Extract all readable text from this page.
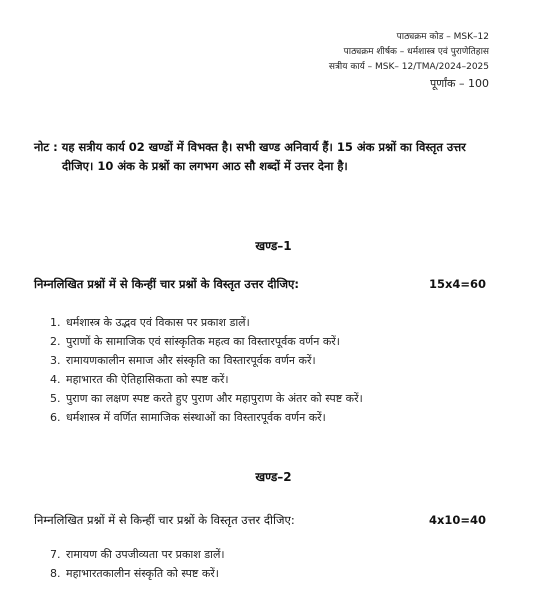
पाठ्यक्रम कोड – MSK–12
पाठ्यक्रम शीर्षक – धर्मशास्त्र एवं पुराणेतिहास
सत्रीय कार्य – MSK– 12/TMA/2024–2025
पूर्णांक – 100
नोट : यह सत्रीय कार्य 02 खण्डों में विभक्त है। सभी खण्ड अनिवार्य हैं। 15 अंक प्रश्नों का विस्तृत उत्तर
दीजिए। 10 अंक के प्रश्नों का लगभग आठ सौ शब्दों में उत्तर देना है।
खण्ड–1
निम्नलिखित प्रश्नों में से किन्हीं चार प्रश्नों के विस्तृत उत्तर दीजिए:	15x4=60
1. धर्मशास्त्र के उद्भव एवं विकास पर प्रकाश डालें।
2. पुराणों के सामाजिक एवं सांस्कृतिक महत्व का विस्तारपूर्वक वर्णन करें।
3. रामायणकालीन समाज और संस्कृति का विस्तारपूर्वक वर्णन करें।
4. महाभारत की ऐतिहासिकता को स्पष्ट करें।
5. पुराण का लक्षण स्पष्ट करते हुए पुराण और महापुराण के अंतर को स्पष्ट करें।
6. धर्मशास्त्र में वर्णित सामाजिक संस्थाओं का विस्तारपूर्वक वर्णन करें।
खण्ड–2
निम्नलिखित प्रश्नों में से किन्हीं चार प्रश्नों के विस्तृत उत्तर दीजिए:	4x10=40
7. रामायण की उपजीव्यता पर प्रकाश डालें।
8. महाभारतकालीन संस्कृति को स्पष्ट करें।
